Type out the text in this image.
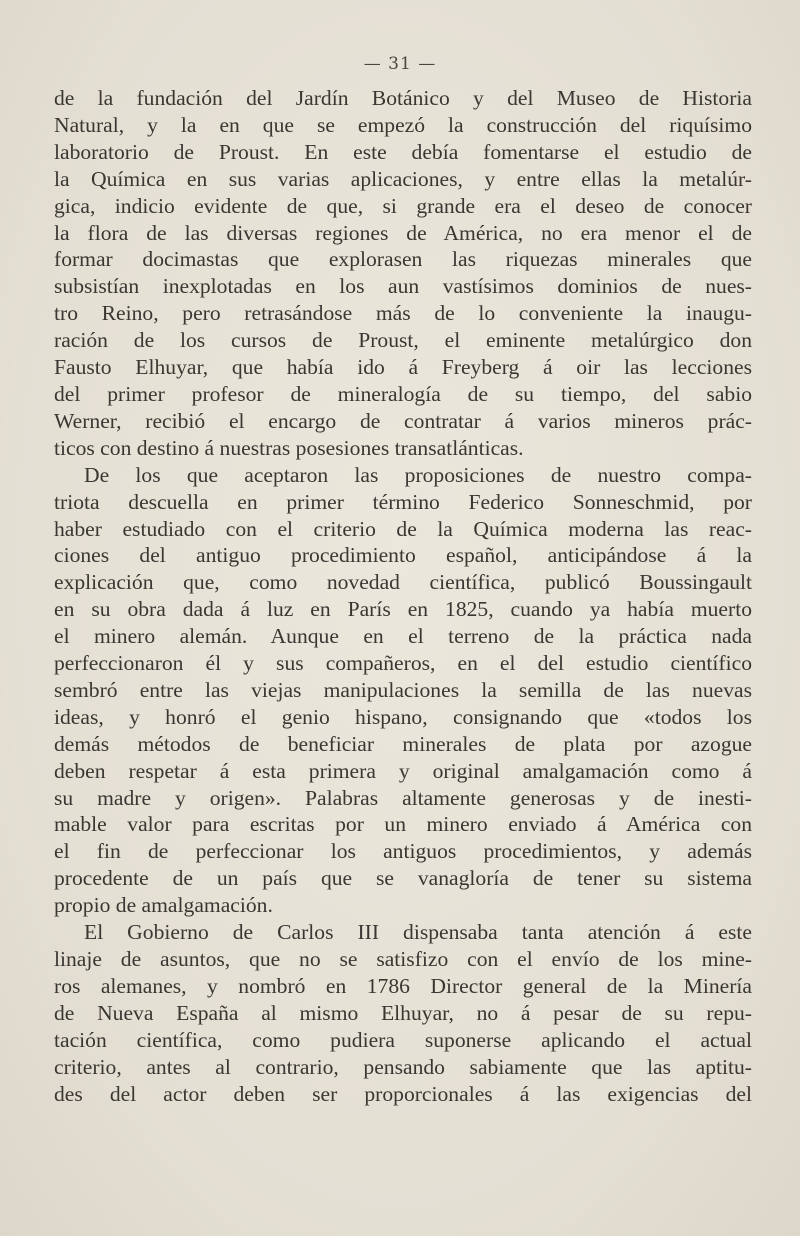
— 31 —
de la fundación del Jardín Botánico y del Museo de Historia
Natural, y la en que se empezó la construcción del riquísimo
laboratorio de Proust. En este debía fomentarse el estudio de
la Química en sus varias aplicaciones, y entre ellas la metalúr-
gica, indicio evidente de que, si grande era el deseo de conocer
la flora de las diversas regiones de América, no era menor el de
formar docimastas que explorasen las riquezas minerales que
subsistían inexplotadas en los aun vastísimos dominios de nues-
tro Reino, pero retrasándose más de lo conveniente la inaugu-
ración de los cursos de Proust, el eminente metalúrgico don
Fausto Elhuyar, que había ido á Freyberg á oir las lecciones
del primer profesor de mineralogía de su tiempo, del sabio
Werner, recibió el encargo de contratar á varios mineros prác-
ticos con destino á nuestras posesiones transatlánticas.
De los que aceptaron las proposiciones de nuestro compa-
triota descuella en primer término Federico Sonneschmid, por
haber estudiado con el criterio de la Química moderna las reac-
ciones del antiguo procedimiento español, anticipándose á la
explicación que, como novedad científica, publicó Boussingault
en su obra dada á luz en París en 1825, cuando ya había muerto
el minero alemán. Aunque en el terreno de la práctica nada
perfeccionaron él y sus compañeros, en el del estudio científico
sembró entre las viejas manipulaciones la semilla de las nuevas
ideas, y honró el genio hispano, consignando que «todos los
demás métodos de beneficiar minerales de plata por azogue
deben respetar á esta primera y original amalgamación como á
su madre y origen». Palabras altamente generosas y de inesti-
mable valor para escritas por un minero enviado á América con
el fin de perfeccionar los antiguos procedimientos, y además
procedente de un país que se vanagloría de tener su sistema
propio de amalgamación.
El Gobierno de Carlos III dispensaba tanta atención á este
linaje de asuntos, que no se satisfizo con el envío de los mine-
ros alemanes, y nombró en 1786 Director general de la Minería
de Nueva España al mismo Elhuyar, no á pesar de su repu-
tación científica, como pudiera suponerse aplicando el actual
criterio, antes al contrario, pensando sabiamente que las aptitu-
des del actor deben ser proporcionales á las exigencias del
